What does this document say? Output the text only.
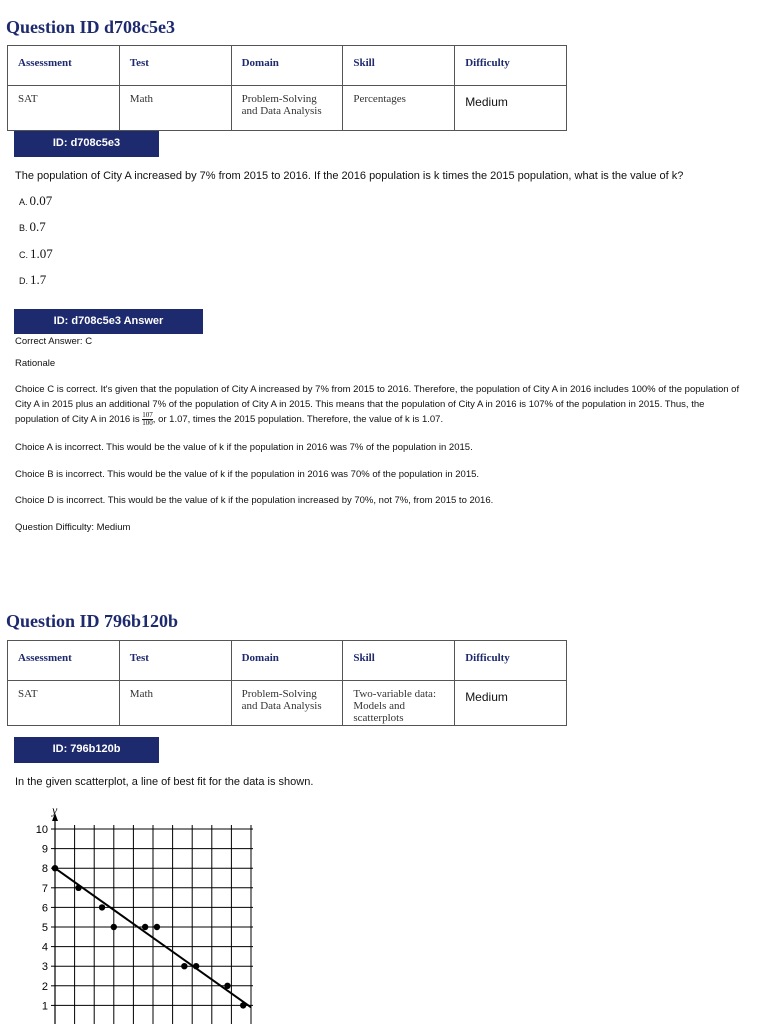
Question ID d708c5e3
Assessment	Test	Domain	Skill	Difficulty
SAT	Math	Problem-Solving and Data Analysis	Percentages	Medium
ID: d708c5e3

The population of City A increased by 7% from 2015 to 2016. If the 2016 population is k times the 2015 population, what is the value of k?

A. 0.07
B. 0.7
C. 1.07
D. 1.7
ID: d708c5e3 Answer

Correct Answer: C

Rationale

Choice C is correct. It's given that the population of City A increased by 7% from 2015 to 2016. Therefore, the population of City A in 2016 includes 100% of the population of City A in 2015 plus an additional 7% of the population of City A in 2015. This means that the population of City A in 2016 is 107% of the population in 2015. Thus, the population of City A in 2016 is $\frac{107}{100}$ , or 1.07, times the 2015 population. Therefore, the value of k is 1.07.

Choice A is incorrect. This would be the value of k if the population in 2016 was 7% of the population in 2015.

Choice B is incorrect. This would be the value of k if the population in 2016 was 70% of the population in 2015.

Choice D is incorrect. This would be the value of k if the population increased by 70%, not 7%, from 2015 to 2016.

Question Difficulty: Medium

Question ID 796b120b
Assessment	Test	Domain	Skill	Difficulty
SAT	Math	Problem-Solving and Data Analysis	Two-variable data: Models and scatterplots	Medium
ID: 796b120b

In the given scatterplot, a line of best fit for the data is shown.

1
2
3
4
5
6
7
8
9
10
y
